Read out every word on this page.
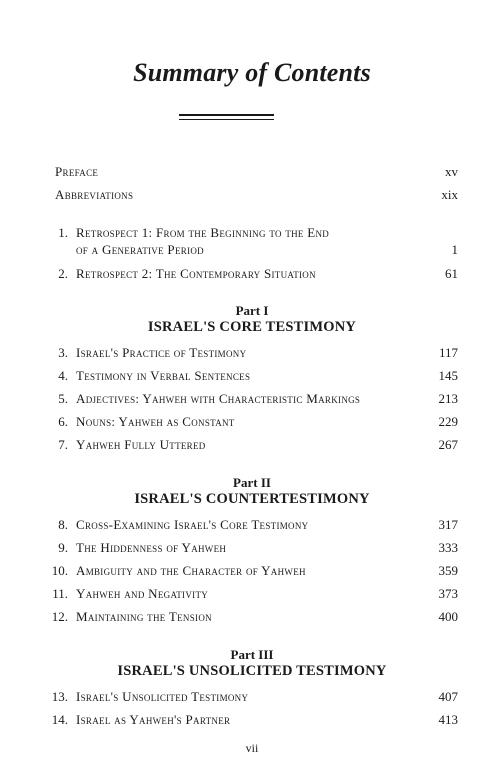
Summary of Contents
Preface	xv
Abbreviations	xix
1. Retrospect 1: From the Beginning to the End
of a Generative Period	1
2. Retrospect 2: The Contemporary Situation	61
Part I
ISRAEL'S CORE TESTIMONY
3. Israel's Practice of Testimony	117
4. Testimony in Verbal Sentences	145
5. Adjectives: Yahweh with Characteristic Markings	213
6. Nouns: Yahweh as Constant	229
7. Yahweh Fully Uttered	267
Part II
ISRAEL'S COUNTERTESTIMONY
8. Cross-Examining Israel's Core Testimony	317
9. The Hiddenness of Yahweh	333
10. Ambiguity and the Character of Yahweh	359
11. Yahweh and Negativity	373
12. Maintaining the Tension	400
Part III
ISRAEL'S UNSOLICITED TESTIMONY
13. Israel's Unsolicited Testimony	407
14. Israel as Yahweh's Partner	413
vii
